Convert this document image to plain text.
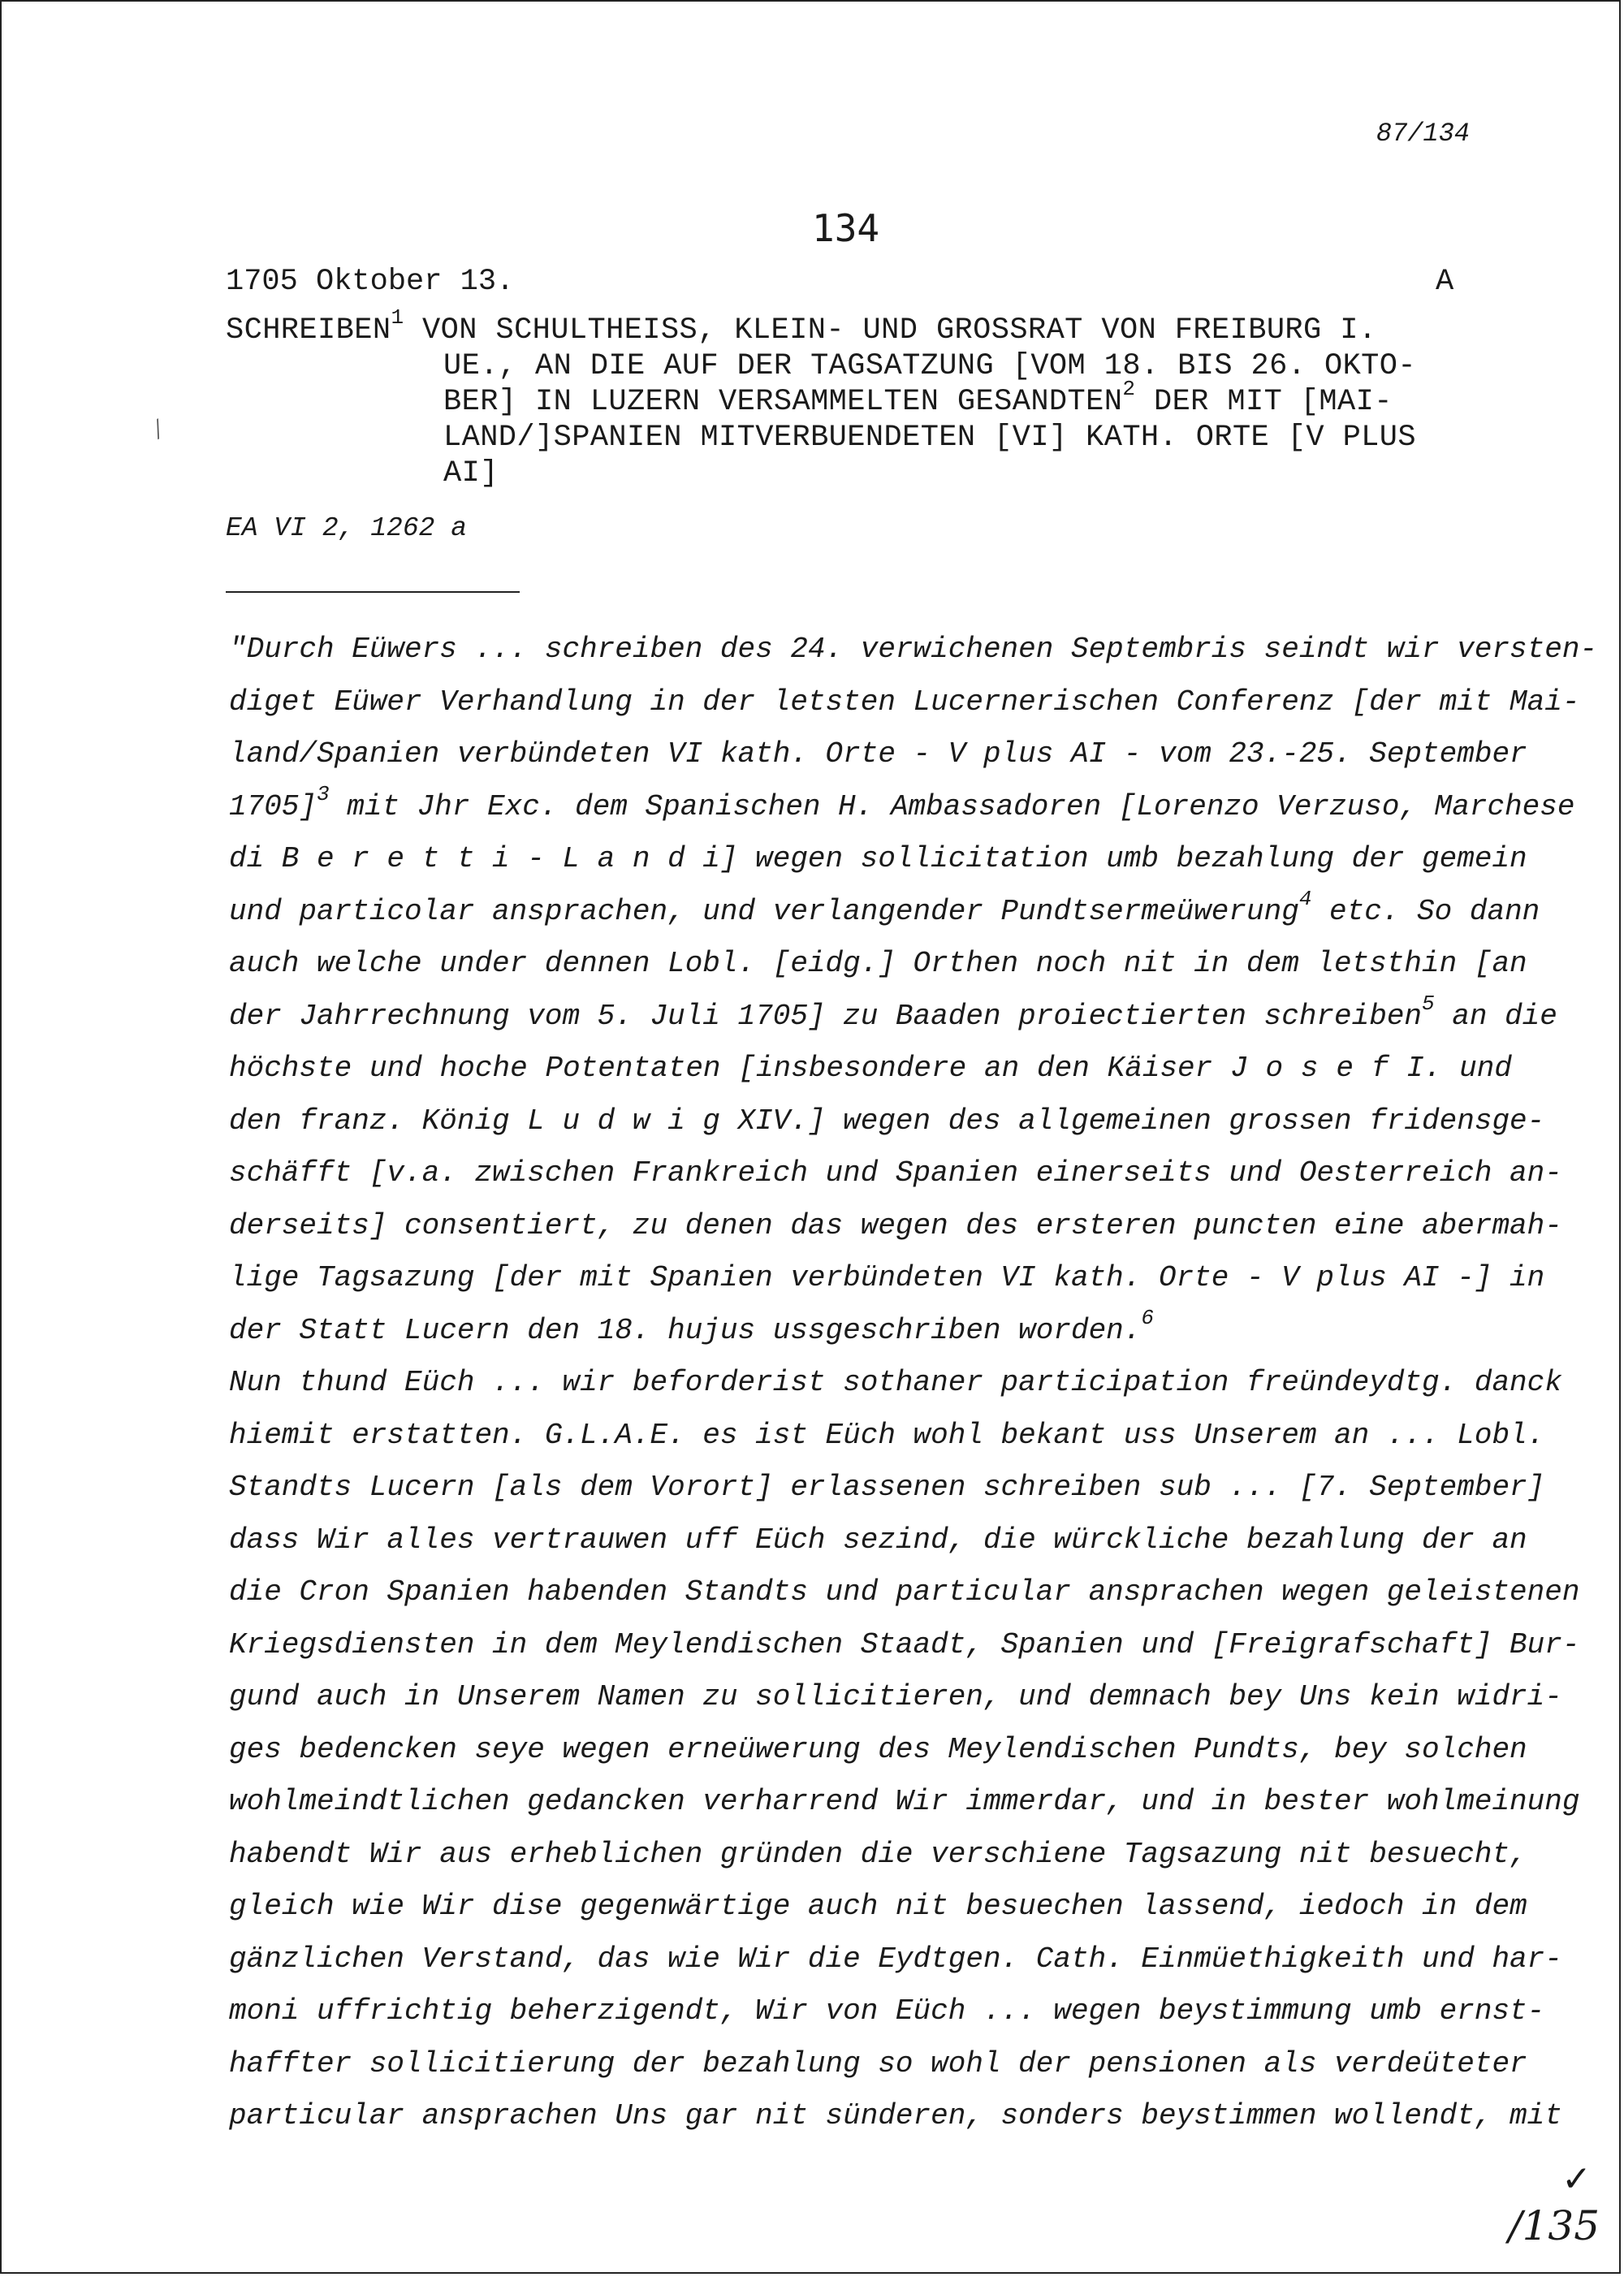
87/134
134
1705 Oktober 13.	A
SCHREIBEN$^1$ VON SCHULTHEISS, KLEIN- UND GROSSRAT VON FREIBURG I.
UE., AN DIE AUF DER TAGSATZUNG [VOM 18. BIS 26. OKTO-
BER] IN LUZERN VERSAMMELTEN GESANDTEN$^2$ DER MIT [MAI-
LAND/]SPANIEN MITVERBUENDETEN [VI] KATH. ORTE [V PLUS
AI]
⁄
EA VI 2, 1262 a
"Durch Eüwers ... schreiben des 24. verwichenen Septembris seindt wir versten-
diget Eüwer Verhandlung in der letsten Lucernerischen Conferenz [der mit Mai-
land/Spanien verbündeten VI kath. Orte - V plus AI - vom 23.-25. September
1705]$^3$ mit Jhr Exc. dem Spanischen H. Ambassadoren [Lorenzo Verzuso, Marchese
di B e r e t t i - L a n d i] wegen sollicitation umb bezahlung der gemein
und particolar ansprachen, und verlangender Pundtsermeüwerung$^4$ etc. So dann
auch welche under dennen Lobl. [eidg.] Orthen noch nit in dem letsthin [an
der Jahrrechnung vom 5. Juli 1705] zu Baaden proiectierten schreiben$^5$ an die
höchste und hoche Potentaten [insbesondere an den Käiser J o s e f I. und
den franz. König L u d w i g XIV.] wegen des allgemeinen grossen fridensge-
schäfft [v.a. zwischen Frankreich und Spanien einerseits und Oesterreich an-
derseits] consentiert, zu denen das wegen des ersteren puncten eine abermah-
lige Tagsazung [der mit Spanien verbündeten VI kath. Orte - V plus AI -] in
der Statt Lucern den 18. hujus ussgeschriben worden.$^6$
Nun thund Eüch ... wir beforderist sothaner participation freündeydtg. danck
hiemit erstatten. G.L.A.E. es ist Eüch wohl bekant uss Unserem an ... Lobl.
Standts Lucern [als dem Vorort] erlassenen schreiben sub ... [7. September]
dass Wir alles vertrauwen uff Eüch sezind, die würckliche bezahlung der an
die Cron Spanien habenden Standts und particular ansprachen wegen geleistenen
Kriegsdiensten in dem Meylendischen Staadt, Spanien und [Freigrafschaft] Bur-
gund auch in Unserem Namen zu sollicitieren, und demnach bey Uns kein widri-
ges bedencken seye wegen erneüwerung des Meylendischen Pundts, bey solchen
wohlmeindtlichen gedancken verharrend Wir immerdar, und in bester wohlmeinung
habendt Wir aus erheblichen gründen die verschiene Tagsazung nit besuecht,
gleich wie Wir dise gegenwärtige auch nit besuechen lassend, iedoch in dem
gänzlichen Verstand, das wie Wir die Eydtgen. Cath. Einmüethigkeith und har-
moni uffrichtig beherzigendt, Wir von Eüch ... wegen beystimmung umb ernst-
haffter sollicitierung der bezahlung so wohl der pensionen als verdeüteter
particular ansprachen Uns gar nit sünderen, sonders beystimmen wollendt, mit
✓
/135
